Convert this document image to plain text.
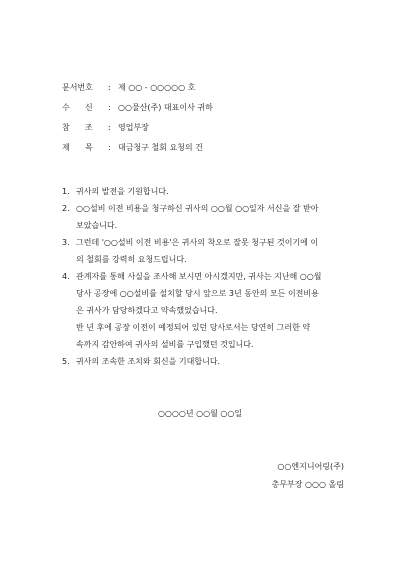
문서번호 : 제 ○○ - ○○○○○ 호
수      신 : ○○물산(주) 대표이사 귀하
참      조 : 영업부장
제      목 : 대금청구 철회 요청의 건
1. 귀사의 발전을 기원합니다.
2. ○○설비 이전 비용을 청구하신 귀사의 ○○월 ○○일자 서신을 잘 받아
보았습니다.
3. 그런데 '○○설비 이전 비용'은 귀사의 착오로 잘못 청구된 것이기에 이
의 철회를 강력히 요청드립니다.
4. 관계자를 통해 사실을 조사해 보시면 아시겠지만, 귀사는 지난해 ○○월
당사 공장에 ○○설비를 설치할 당시 앞으로 3년 동안의 모든 이전비용
은 귀사가 담당하겠다고 약속했었습니다.
반 년 후에 공장 이전이 예정되어 있던 당사로서는 당연히 그러한 약
속까지 감안하여 귀사의 설비를 구입했던 것입니다.
5. 귀사의 조속한 조치와 회신을 기대합니다.
○○○○년 ○○월 ○○일
○○엔지니어링(주)
총무부장 ○○○ 올림
